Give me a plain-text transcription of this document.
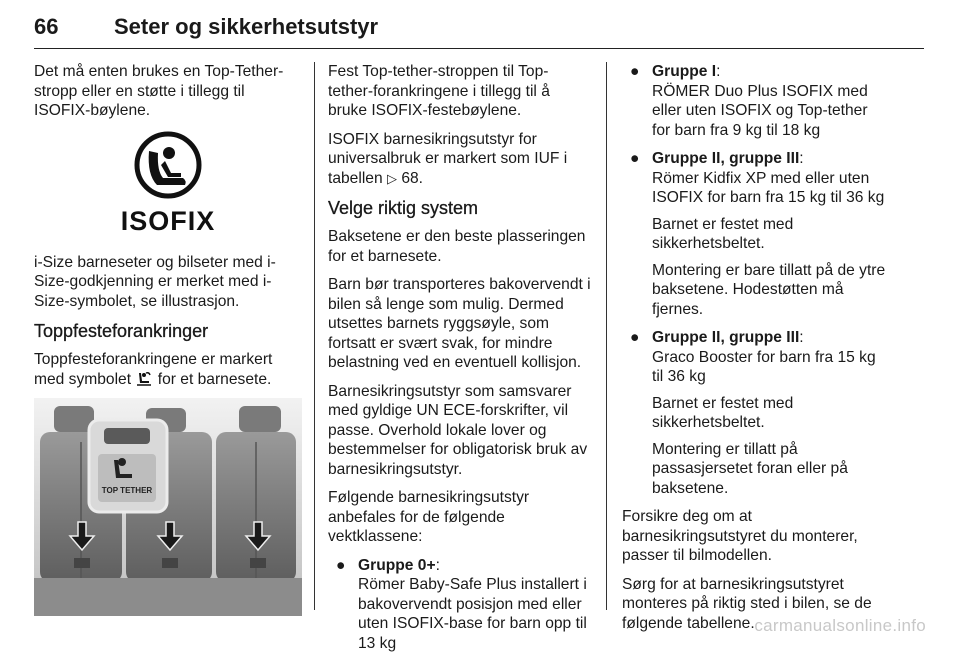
66	Seter og sikkerhetsutstyr

Det må enten brukes en Top-Tether-stropp eller en støtte i tillegg til ISOFIX-bøylene.

ISOFIX

i-Size barneseter og bilseter med i-Size-godkjenning er merket med i-Size-symbolet, se illustrasjon.

Toppfesteforankringer

Toppfesteforankringene er markert med symbolet for et barnesete.

TOP TETHER

Fest Top-tether-stroppen til Top-tether-forankringene i tillegg til å bruke ISOFIX-festebøylene.

ISOFIX barnesikringsutstyr for universalbruk er markert som IUF i tabellen ▷ 68.

Velge riktig system

Baksetene er den beste plasseringen for et barnesete.

Barn bør transporteres bakovervendt i bilen så lenge som mulig. Dermed utsettes barnets ryggsøyle, som fortsatt er svært svak, for mindre belastning ved en eventuell kollisjon.

Barnesikringsutstyr som samsvarer med gyldige UN ECE-forskrifter, vil passe. Overhold lokale lover og bestemmelser for obligatorisk bruk av barnesikringsutstyr.

Følgende barnesikringsutstyr anbefales for de følgende vektklassene:

● Gruppe 0+:
Römer Baby-Safe Plus installert i bakovervendt posisjon med eller uten ISOFIX-base for barn opp til 13 kg
● Gruppe I:
RÖMER Duo Plus ISOFIX med eller uten ISOFIX og Top-tether for barn fra 9 kg til 18 kg
● Gruppe II, gruppe III:
Römer Kidfix XP med eller uten ISOFIX for barn fra 15 kg til 36 kg
Barnet er festet med sikkerhetsbeltet.
Montering er bare tillatt på de ytre baksetene. Hodestøtten må fjernes.
● Gruppe II, gruppe III:
Graco Booster for barn fra 15 kg til 36 kg
Barnet er festet med sikkerhetsbeltet.
Montering er tillatt på passasjersetet foran eller på baksetene.

Forsikre deg om at barnesikringsutstyret du monterer, passer til bilmodellen.

Sørg for at barnesikringsutstyret monteres på riktig sted i bilen, se de følgende tabellene. carmanualsonline.info
